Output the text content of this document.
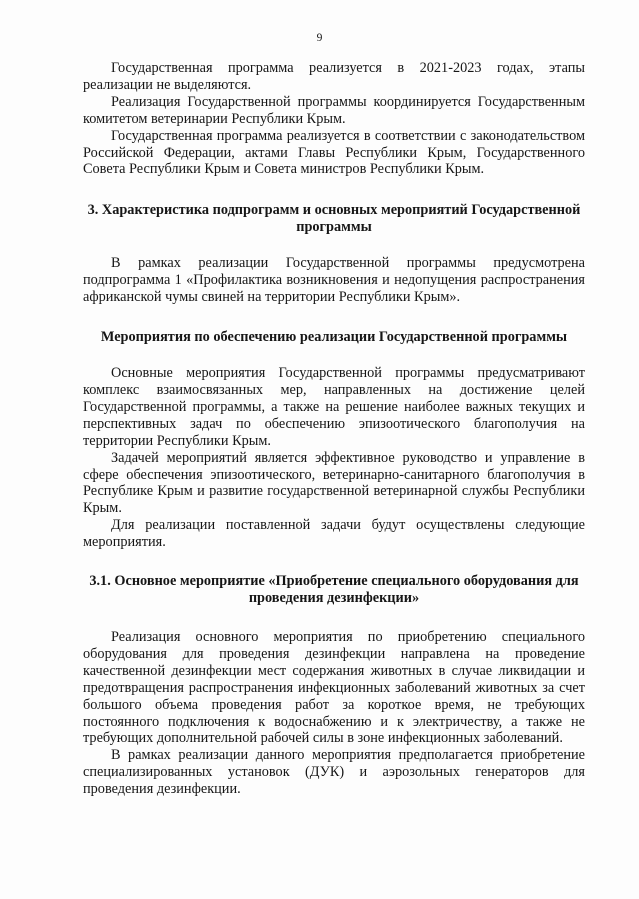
9

Государственная программа реализуется в 2021-2023 годах, этапы реализации не выделяются.

Реализация Государственной программы координируется Государственным комитетом ветеринарии Республики Крым.

Государственная программа реализуется в соответствии с законодательством Российской Федерации, актами Главы Республики Крым, Государственного Совета Республики Крым и Совета министров Республики Крым.

3. Характеристика подпрограмм и основных мероприятий Государственной программы

В рамках реализации Государственной программы предусмотрена подпрограмма 1 «Профилактика возникновения и недопущения распространения африканской чумы свиней на территории Республики Крым».

Мероприятия по обеспечению реализации Государственной программы

Основные мероприятия Государственной программы предусматривают комплекс взаимосвязанных мер, направленных на достижение целей Государственной программы, а также на решение наиболее важных текущих и перспективных задач по обеспечению эпизоотического благополучия на территории Республики Крым.

Задачей мероприятий является эффективное руководство и управление в сфере обеспечения эпизоотического, ветеринарно-санитарного благополучия в Республике Крым и развитие государственной ветеринарной службы Республики Крым.

Для реализации поставленной задачи будут осуществлены следующие мероприятия.

3.1. Основное мероприятие «Приобретение специального оборудования для проведения дезинфекции»

Реализация основного мероприятия по приобретению специального оборудования для проведения дезинфекции направлена на проведение качественной дезинфекции мест содержания животных в случае ликвидации и предотвращения распространения инфекционных заболеваний животных за счет большого объема проведения работ за короткое время, не требующих постоянного подключения к водоснабжению и к электричеству, а также не требующих дополнительной рабочей силы в зоне инфекционных заболеваний.

В рамках реализации данного мероприятия предполагается приобретение специализированных установок (ДУК) и аэрозольных генераторов для проведения дезинфекции.
